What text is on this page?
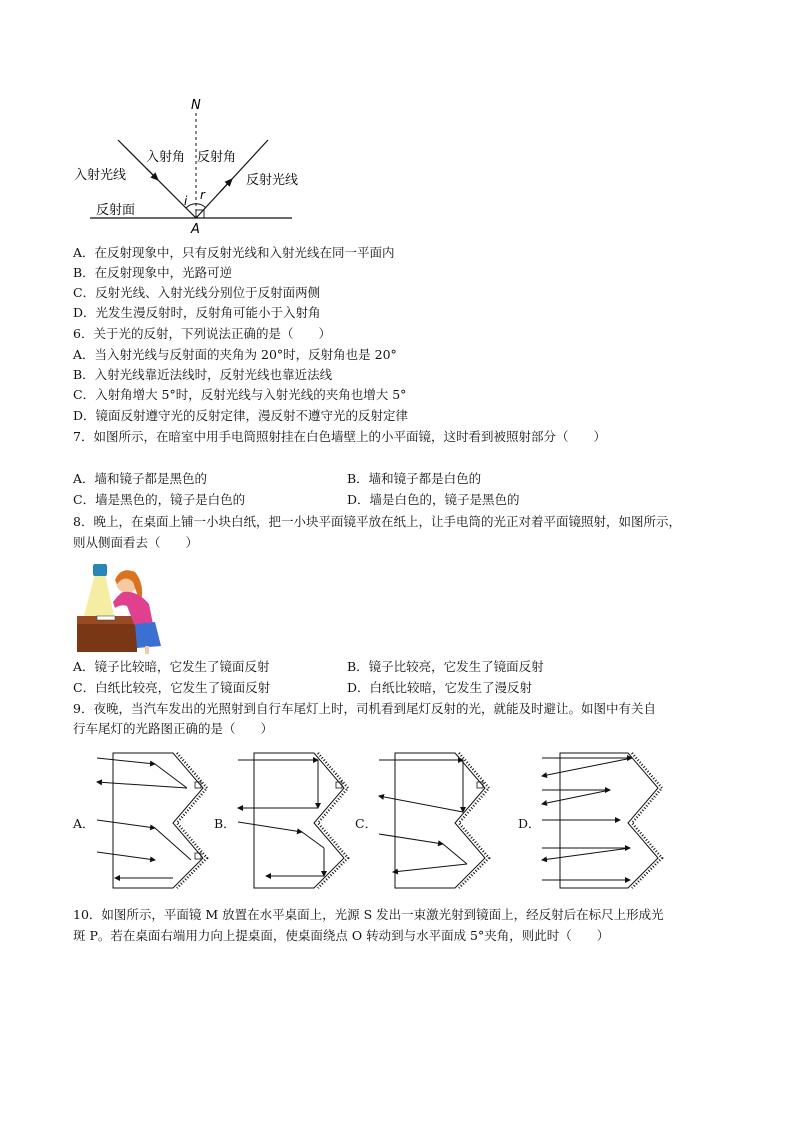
N
A
i r
入射角 反射角
入射光线	反射光线
反射面
A．在反射现象中，只有反射光线和入射光线在同一平面内
B．在反射现象中，光路可逆
C．反射光线、入射光线分别位于反射面两侧
D．光发生漫反射时，反射角可能小于入射角
6．关于光的反射，下列说法正确的是（　　）
A．当入射光线与反射面的夹角为 20°时，反射角也是 20°
B．入射光线靠近法线时，反射光线也靠近法线
C．入射角增大 5°时，反射光线与入射光线的夹角也增大 5°
D．镜面反射遵守光的反射定律，漫反射不遵守光的反射定律
7．如图所示，在暗室中用手电筒照射挂在白色墙壁上的小平面镜，这时看到被照射部分（　　）
A．墙和镜子都是黑色的	B．墙和镜子都是白色的
C．墙是黑色的，镜子是白色的	D．墙是白色的，镜子是黑色的
8．晚上，在桌面上铺一小块白纸，把一小块平面镜平放在纸上，让手电筒的光正对着平面镜照射，如图所示，
则从侧面看去（　　）
A．镜子比较暗，它发生了镜面反射	B．镜子比较亮，它发生了镜面反射
C．白纸比较亮，它发生了镜面反射	D．白纸比较暗，它发生了漫反射
9．夜晚，当汽车发出的光照射到自行车尾灯上时，司机看到尾灯反射的光，就能及时避让。如图中有关自
行车尾灯的光路图正确的是（　　）
A．	B．	C．	D．
10．如图所示，平面镜 M 放置在水平桌面上，光源 S 发出一束激光射到镜面上，经反射后在标尺上形成光
斑 P。若在桌面右端用力向上提桌面，使桌面绕点 O 转动到与水平面成 5°夹角，则此时（　　）
